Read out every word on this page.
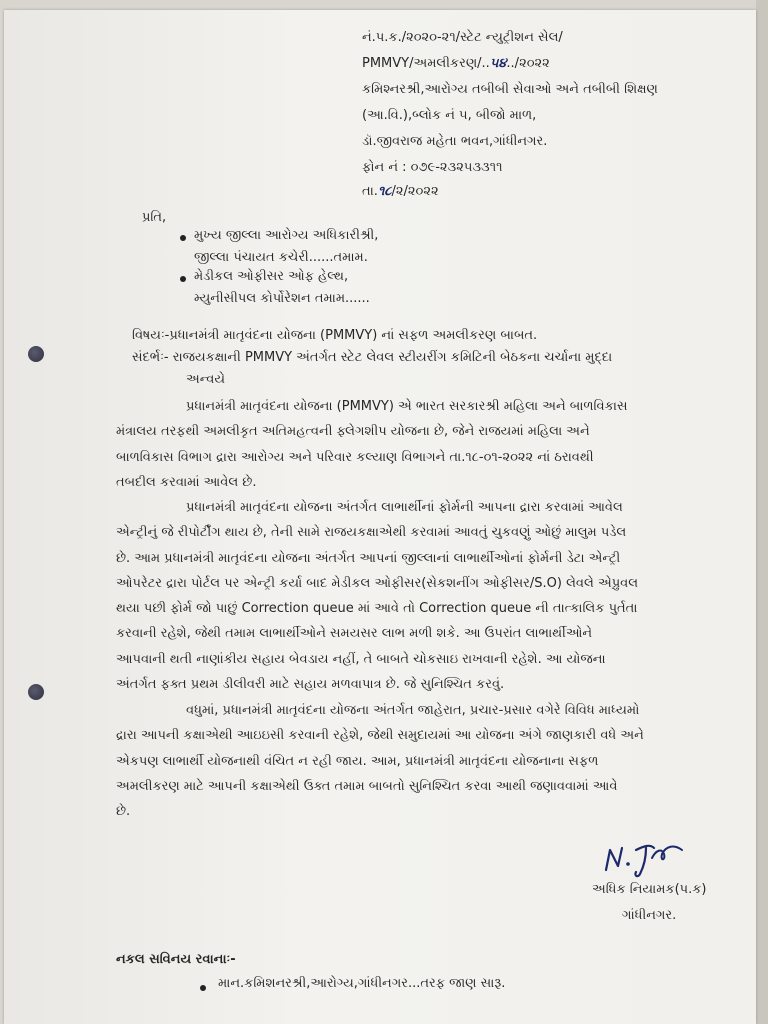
નં.પ.ક./૨૦૨૦-૨૧/સ્ટેટ ન્યુટ્રીશન સેલ/
PMMVY/અમલીકરણ/..૫૪../૨૦૨૨
કમિશ્નરશ્રી,આરોગ્ય તબીબી સેવાઓ અને તબીબી શિક્ષણ
(આ.વિ.),બ્લોક નં ૫, બીજો માળ,
ડૉ.જીવરાજ મહેતા ભવન,ગાંધીનગર.
ફોન નં : ૦૭૯-૨૩૨૫૩૩૧૧
તા.૧૮/૨/૨૦૨૨
પ્રતિ,
મુખ્ય જીલ્લા આરોગ્ય અધિકારીશ્રી,
જીલ્લા પંચાયત કચેરી......તમામ.
મેડીકલ ઓફીસર ઓફ હેલ્થ,
મ્યુનીસીપલ કોર્પોરેશન તમામ......
વિષયઃ-પ્રધાનમંત્રી માતૃવંદના યોજના (PMMVY) નાં સફળ અમલીકરણ બાબત.
સંદર્ભઃ- રાજયકક્ષાની PMMVY અંતર્ગત સ્ટેટ લેવલ સ્ટીયરીંગ કમિટિની બેઠકના ચર્ચાના મુદ્દા
અન્વયે
પ્રધાનમંત્રી માતૃવંદના યોજના (PMMVY) એ ભારત સરકારશ્રી મહિલા અને બાળવિકાસ
મંત્રાલય તરફથી અમલીકૃત અતિમહત્વની ફ્લેગશીપ યોજના છે, જેને રાજયમાં મહિલા અને
બાળવિકાસ વિભાગ દ્રારા આરોગ્ય અને પરિવાર કલ્યાણ વિભાગને તા.૧૮-૦૧-૨૦૨૨ નાં ઠરાવથી
તબદીલ કરવામાં આવેલ છે.
પ્રધાનમંત્રી માતૃવંદના યોજના અંતર્ગત લાભાર્થીનાં ફોર્મની આપના દ્રારા કરવામાં આવેલ
એન્ટ્રીનું જે રીપોર્ટીંગ થાય છે, તેની સામે રાજયકક્ષાએથી કરવામાં આવતું ચુકવણું ઓછું માલુમ પડેલ
છે. આમ પ્રધાનમંત્રી માતૃવંદના યોજના અંતર્ગત આપનાં જીલ્લાનાં લાભાર્થીઓનાં ફોર્મની ડેટા એન્ટ્રી
ઓપરેટર દ્રારા પોર્ટલ પર એન્ટ્રી કર્યા બાદ મેડીકલ ઓફીસર(સેકશનીંગ ઓફીસર/S.O) લેવલે એપ્રુવલ
થયા પછી ફોર્મ જો પાછું Correction queue માં આવે તો Correction queue ની તાત્કાલિક પુર્તતા
કરવાની રહેશે, જેથી તમામ લાભાર્થીઓને સમયસર લાભ મળી શકે. આ ઉપરાંત લાભાર્થીઓને
આપવાની થતી નાણાંકીય સહાય બેવડાય નહીં, તે બાબતે ચોકસાઇ રાખવાની રહેશે. આ યોજના
અંતર્ગત ફક્ત પ્રથમ ડીલીવરી માટે સહાય મળવાપાત્ર છે. જે સુનિશ્ચિત કરવું.
વધુમાં, પ્રધાનમંત્રી માતૃવંદના યોજના અંતર્ગત જાહેરાત, પ્રચાર-પ્રસાર વગેરે વિવિધ માધ્યમો
દ્રારા આપની કક્ષાએથી આઇઇસી કરવાની રહેશે, જેથી સમુદાયમાં આ યોજના અંગે જાણકારી વધે અને
એકપણ લાભાર્થી યોજનાથી વંચિત ન રહી જાય. આમ, પ્રધાનમંત્રી માતૃવંદના યોજનાના સફળ
અમલીકરણ માટે આપની કક્ષાએથી ઉક્ત તમામ બાબતો સુનિશ્ચિત કરવા આથી જણાવવામાં આવે
છે.
અધિક નિયામક(પ.ક)
ગાંધીનગર.
નકલ સવિનય રવાનાઃ-
માન.કમિશનરશ્રી,આરોગ્ય,ગાંધીનગર...તરફ જાણ સારૂ.
